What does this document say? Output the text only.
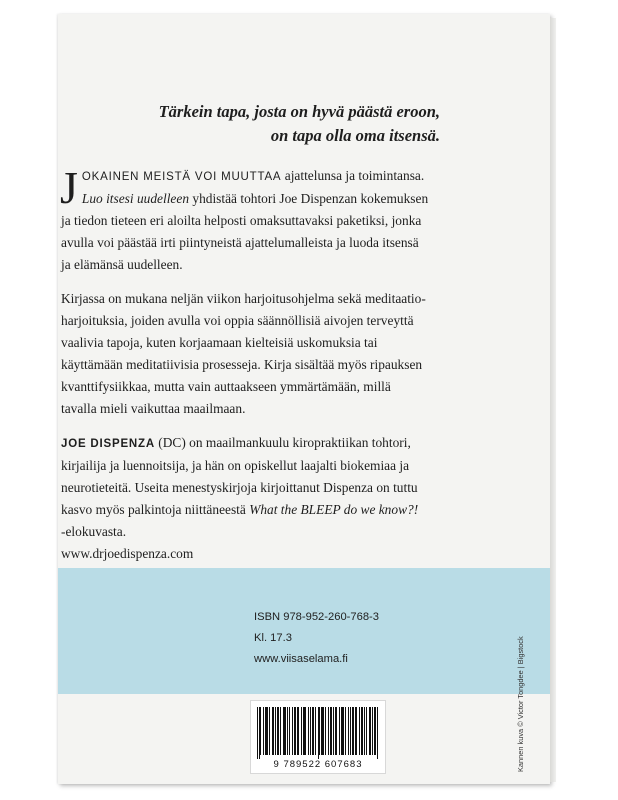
Tärkein tapa, josta on hyvä päästä eroon,
on tapa olla oma itsensä.

J OKAINEN MEISTÄ VOI MUUTTAA ajattelunsa ja toimintansa.
Luo itsesi uudelleen yhdistää tohtori Joe Dispenzan kokemuksen
ja tiedon tieteen eri aloilta helposti omaksuttavaksi paketiksi, jonka
avulla voi päästää irti piintyneistä ajattelumalleista ja luoda itsensä
ja elämänsä uudelleen.

Kirjassa on mukana neljän viikon harjoitusohjelma sekä meditaatio-
harjoituksia, joiden avulla voi oppia säännöllisiä aivojen terveyttä
vaalivia tapoja, kuten korjaamaan kielteisiä uskomuksia tai
käyttämään meditatiivisia prosesseja. Kirja sisältää myös ripauksen
kvanttifysiikkaa, mutta vain auttaakseen ymmärtämään, millä
tavalla mieli vaikuttaa maailmaan.

JOE DISPENZA (DC) on maailmankuulu kiropraktiikan tohtori,
kirjailija ja luennoitsija, ja hän on opiskellut laajalti biokemiaa ja
neurotieteitä. Useita menestyskirjoja kirjoittanut Dispenza on tuttu
kasvo myös palkintoja niittäneestä What the BLEEP do we know?!
-elokuvasta.
www.drjoedispenza.com

ISBN 978-952-260-768-3
Kl. 17.3
www.viisaselama.fi
9 789522 607683	Kannen kuva © Victor Tongdee | Bigstock
